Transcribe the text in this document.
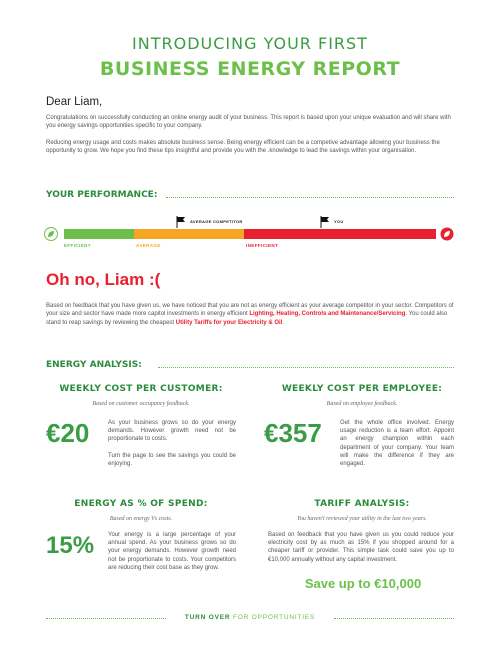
INTRODUCING YOUR FIRST
BUSINESS ENERGY REPORT
Dear Liam,
Congratulations on successfully conducting an online energy audit of your business. This report is based upon your unique evaluation and will share with you energy savings opportunities specific to your company.
Reducing energy usage and costs makes absolute business sense. Being energy efficient can be a competive advantage allowing your business the opportunity to grow. We hope you find these tips insightful and provide you with the .knowledge to lead the savings within your organisation.
YOUR PERFORMANCE:
EFFICIENT	AVERAGE	INEFFICIENT
AVERAGE COMPETITOR	YOU
Oh no, Liam :(
Based on feedback that you have given us, we have noticed that you are not as energy efficient as your average competitor in your sector. Competitors of your size and sector have made more capitol investments in energy efficient Lighting, Heating, Controls and Maintenance/Servicing. You could also stand to reap savings by reviewing the cheapest Utility Tariffs for your Electricity & Oil.
ENERGY ANALYSIS:
WEEKLY COST PER CUSTOMER:
Based on customer occupancy feedback.
€20	As your business grows so do your energy demands. However growth need not be proportionate to costs.
Turn the page to see the savings you could be enjoying.
WEEKLY COST PER EMPLOYEE:
Based on employee feedback.
€357	Get the whole office involved. Energy usage reduction is a team effort. Appoint an energy champion within each department of your company. Your team will make the difference if they are engaged.
ENERGY AS % OF SPEND:
Based on energy Vs costs.
15% Your energy is a large percentage of your annual spend. As your business grows so do your energy demands. However growth need not be proportionate to costs. Your competitors are reducing their cost base as they grow.
TARIFF ANALYSIS:
You haven't reviewed your utility in the last two years.
Based on feedback that you have given us you could reduce your electricity cost by as much as 15% if you shopped around for a cheaper tariff or provider. This simple task could save you up to €10,000 annually without any capital investment.
Save up to €10,000
TURN OVER FOR OPPORTUNITIES
